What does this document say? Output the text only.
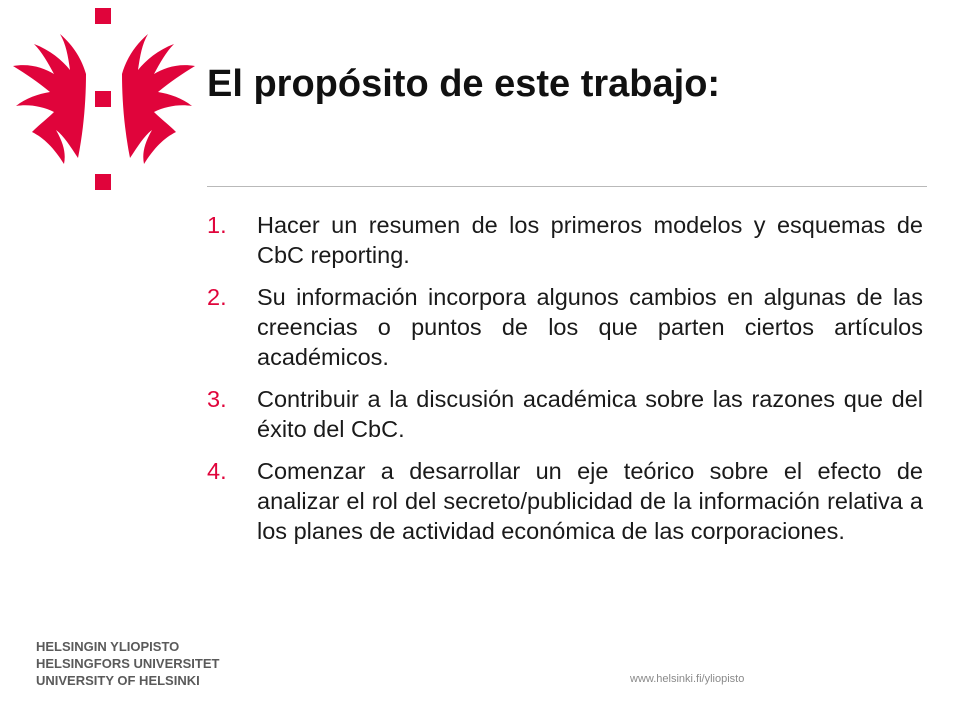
El propósito de este trabajo:
1.	Hacer un resumen de los primeros modelos y esquemas de CbC reporting.
2.	Su información incorpora algunos cambios en algunas de las creencias o puntos de los que parten ciertos artículos académicos.
3.	Contribuir a la discusión académica sobre las razones que del éxito del CbC.
4.	Comenzar a desarrollar un eje teórico sobre el efecto de analizar el rol del secreto/publicidad de la información relativa a los planes de actividad económica de las corporaciones.
HELSINGIN YLIOPISTO
HELSINGFORS UNIVERSITET
UNIVERSITY OF HELSINKI	www.helsinki.fi/yliopisto
